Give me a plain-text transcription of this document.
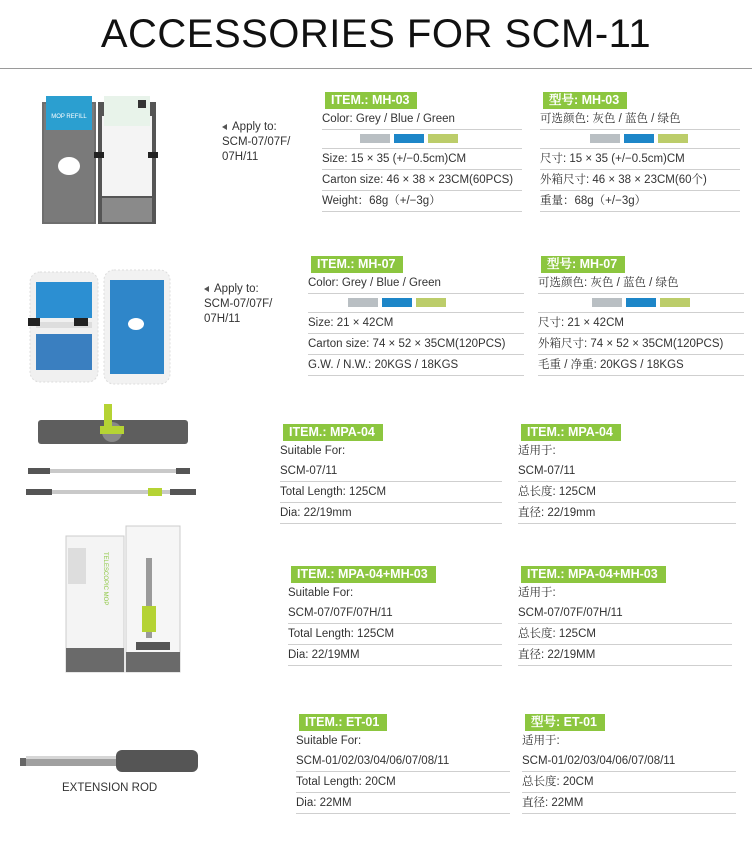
ACCESSORIES FOR SCM-11
MOP REFILL
Apply to:
SCM-07/07F/
07H/11
ITEM.: MH-03
Color: Grey / Blue / Green
Size: 15 × 35 (+/−0.5cm)CM
Carton size: 46 × 38 × 23CM(60PCS)
Weight：68g（+/−3g）
型号: MH-03
可选颜色: 灰色 / 蓝色 / 绿色
尺寸: 15 × 35 (+/−0.5cm)CM
外箱尺寸: 46 × 38 × 23CM(60个)
重量：68g（+/−3g）
Apply to:
SCM-07/07F/
07H/11
ITEM.: MH-07
Color: Grey / Blue / Green
Size: 21 × 42CM
Carton size: 74 × 52 × 35CM(120PCS)
G.W. / N.W.: 20KGS / 18KGS
型号: MH-07
可选颜色: 灰色 / 蓝色 / 绿色
尺寸: 21 × 42CM
外箱尺寸: 74 × 52 × 35CM(120PCS)
毛重 / 净重: 20KGS / 18KGS
ITEM.: MPA-04
Suitable For:
SCM-07/11
Total Length: 125CM
Dia: 22/19mm
ITEM.: MPA-04
适用于:
SCM-07/11
总长度: 125CM
直径: 22/19mm
TELESCOPIC MOP	ITEM.: MPA-04+MH-03
Suitable For:
SCM-07/07F/07H/11
Total Length: 125CM
Dia: 22/19MM
ITEM.: MPA-04+MH-03
适用于:
SCM-07/07F/07H/11
总长度: 125CM
直径: 22/19MM
EXTENSION ROD
ITEM.: ET-01
Suitable For:
SCM-01/02/03/04/06/07/08/11
Total Length: 20CM
Dia: 22MM
型号: ET-01
适用于:
SCM-01/02/03/04/06/07/08/11
总长度: 20CM
直径: 22MM
